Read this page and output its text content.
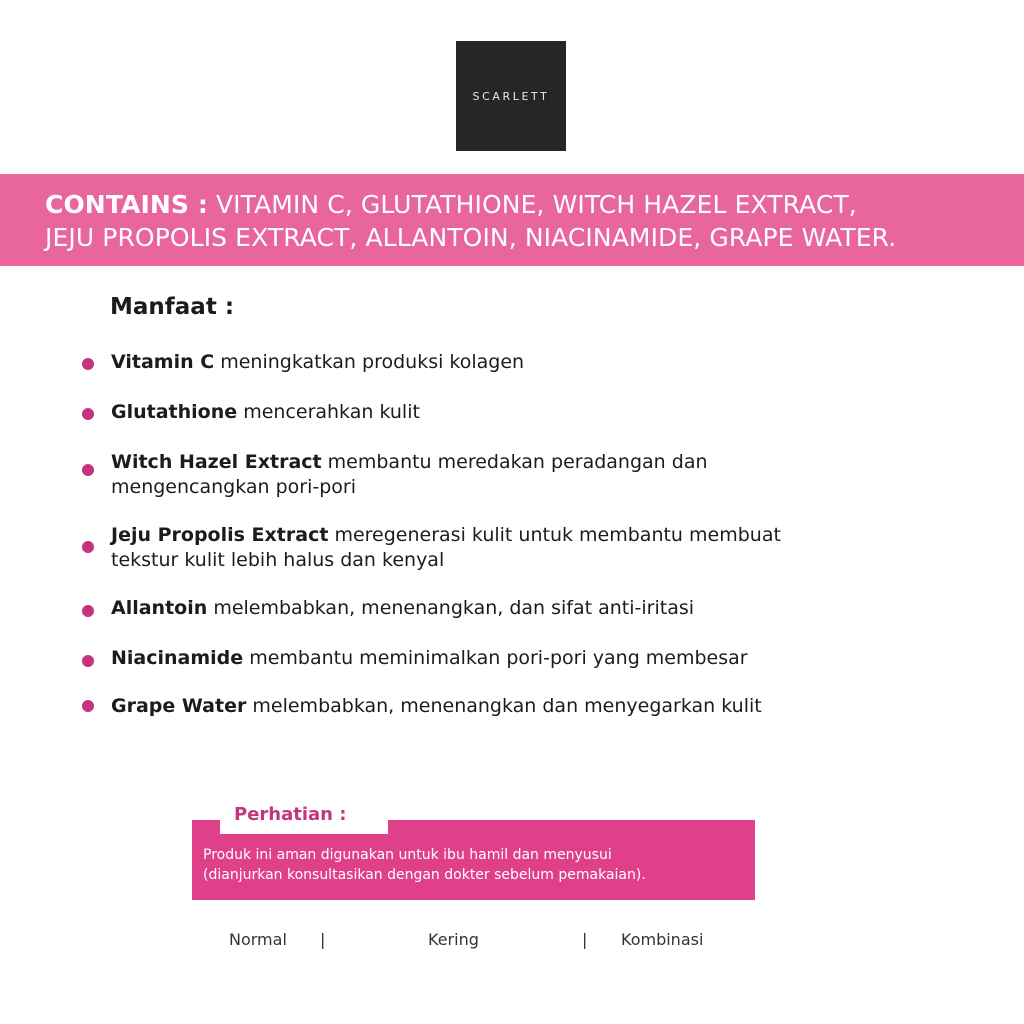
SCARLETT
CONTAINS : VITAMIN C, GLUTATHIONE, WITCH HAZEL EXTRACT,
JEJU PROPOLIS EXTRACT, ALLANTOIN, NIACINAMIDE, GRAPE WATER.
Manfaat :
Vitamin C meningkatkan produksi kolagen
Glutathione mencerahkan kulit
Witch Hazel Extract membantu meredakan peradangan dan
mengencangkan pori-pori
Jeju Propolis Extract meregenerasi kulit untuk membantu membuat
tekstur kulit lebih halus dan kenyal
Allantoin melembabkan, menenangkan, dan sifat anti-iritasi
Niacinamide membantu meminimalkan pori-pori yang membesar
Grape Water melembabkan, menenangkan dan menyegarkan kulit
Perhatian :
Produk ini aman digunakan untuk ibu hamil dan menyusui
(dianjurkan konsultasikan dengan dokter sebelum pemakaian).
Normal |	Kering	| Kombinasi
